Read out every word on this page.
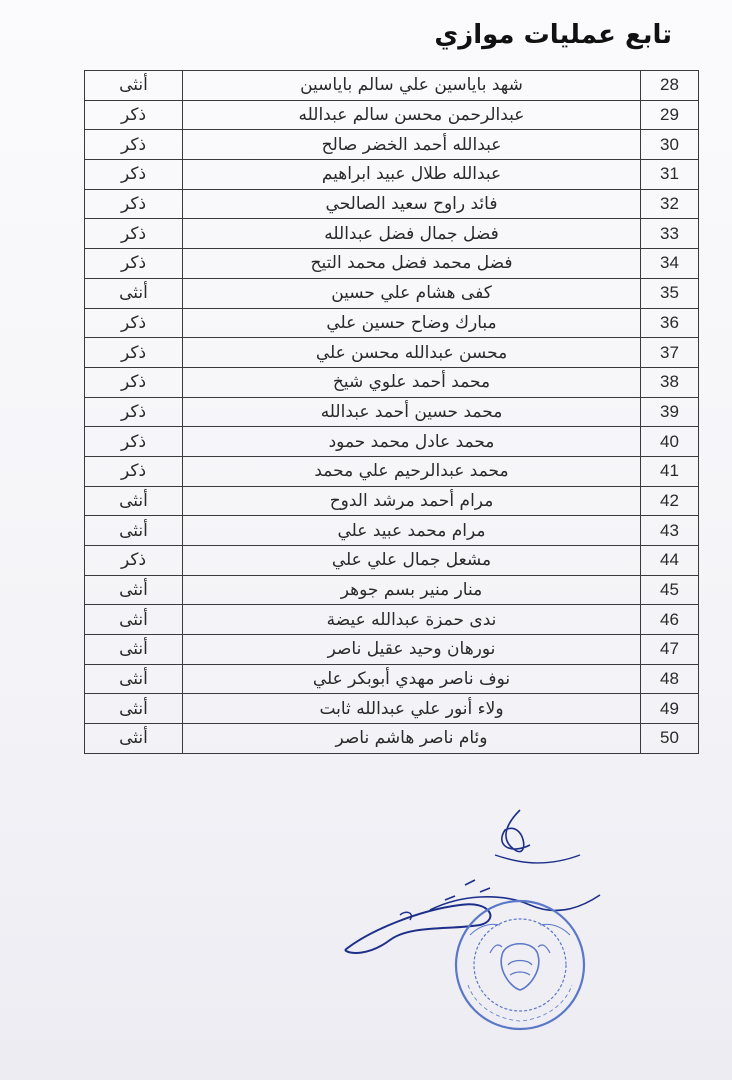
تابع عمليات موازي
28	شهد باياسين علي سالم باياسين	أنثى
29	عبدالرحمن محسن سالم عبدالله	ذكر
30	عبدالله أحمد الخضر صالح	ذكر
31	عبدالله طلال عبيد ابراهيم	ذكر
32	فائد راوح سعيد الصالحي	ذكر
33	فضل جمال فضل عبدالله	ذكر
34	فضل محمد فضل محمد التيح	ذكر
35	كفى هشام علي حسين	أنثى
36	مبارك وضاح حسين علي	ذكر
37	محسن عبدالله محسن علي	ذكر
38	محمد أحمد علوي شيخ	ذكر
39	محمد حسين أحمد عبدالله	ذكر
40	محمد عادل محمد حمود	ذكر
41	محمد عبدالرحيم علي محمد	ذكر
42	مرام أحمد مرشد الدوح	أنثى
43	مرام محمد عبيد علي	أنثى
44	مشعل جمال علي علي	ذكر
45	منار منير بسم جوهر	أنثى
46	ندى حمزة عبدالله عيضة	أنثى
47	نورهان وحيد عقيل ناصر	أنثى
48	نوف ناصر مهدي أبوبكر علي	أنثى
49	ولاء أنور علي عبدالله ثابت	أنثى
50	وئام ناصر هاشم ناصر	أنثى
